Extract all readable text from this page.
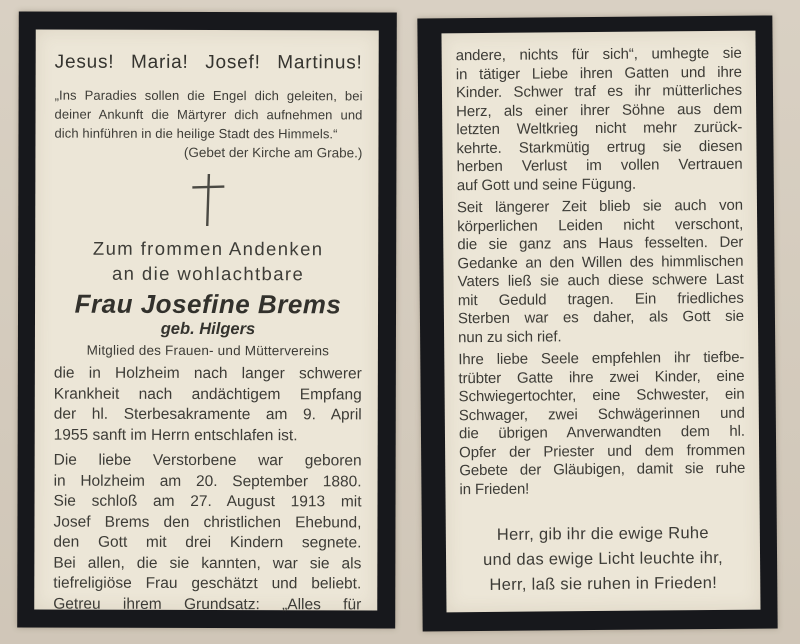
Jesus! Maria! Josef! Martinus!
„Ins Paradies sollen die Engel dich geleiten, bei
deiner Ankunft die Märtyrer dich aufnehmen und
dich hinführen in die heilige Stadt des Himmels.“
(Gebet der Kirche am Grabe.)
Zum frommen Andenken
an die wohlachtbare
Frau Josefine Brems
geb. Hilgers
Mitglied des Frauen- und Müttervereins
die in Holzheim nach langer schwerer
Krankheit nach andächtigem Empfang
der hl. Sterbesakramente am 9. April
1955 sanft im Herrn entschlafen ist.
Die liebe Verstorbene war geboren
in Holzheim am 20. September 1880.
Sie schloß am 27. August 1913 mit
Josef Brems den christlichen Ehebund,
den Gott mit drei Kindern segnete.
Bei allen, die sie kannten, war sie als
tiefreligiöse Frau geschätzt und beliebt.
Getreu ihrem Grundsatz: „Alles für
andere, nichts für sich“, umhegte sie
in tätiger Liebe ihren Gatten und ihre
Kinder. Schwer traf es ihr mütterliches
Herz, als einer ihrer Söhne aus dem
letzten Weltkrieg nicht mehr zurück-
kehrte. Starkmütig ertrug sie diesen
herben Verlust im vollen Vertrauen
auf Gott und seine Fügung.
Seit längerer Zeit blieb sie auch von
körperlichen Leiden nicht verschont,
die sie ganz ans Haus fesselten. Der
Gedanke an den Willen des himmlischen
Vaters ließ sie auch diese schwere Last
mit Geduld tragen. Ein friedliches
Sterben war es daher, als Gott sie
nun zu sich rief.
Ihre liebe Seele empfehlen ihr tiefbe-
trübter Gatte ihre zwei Kinder, eine
Schwiegertochter, eine Schwester, ein
Schwager, zwei Schwägerinnen und
die übrigen Anverwandten dem hl.
Opfer der Priester und dem frommen
Gebete der Gläubigen, damit sie ruhe
in Frieden!
Herr, gib ihr die ewige Ruhe
und das ewige Licht leuchte ihr,
Herr, laß sie ruhen in Frieden!
